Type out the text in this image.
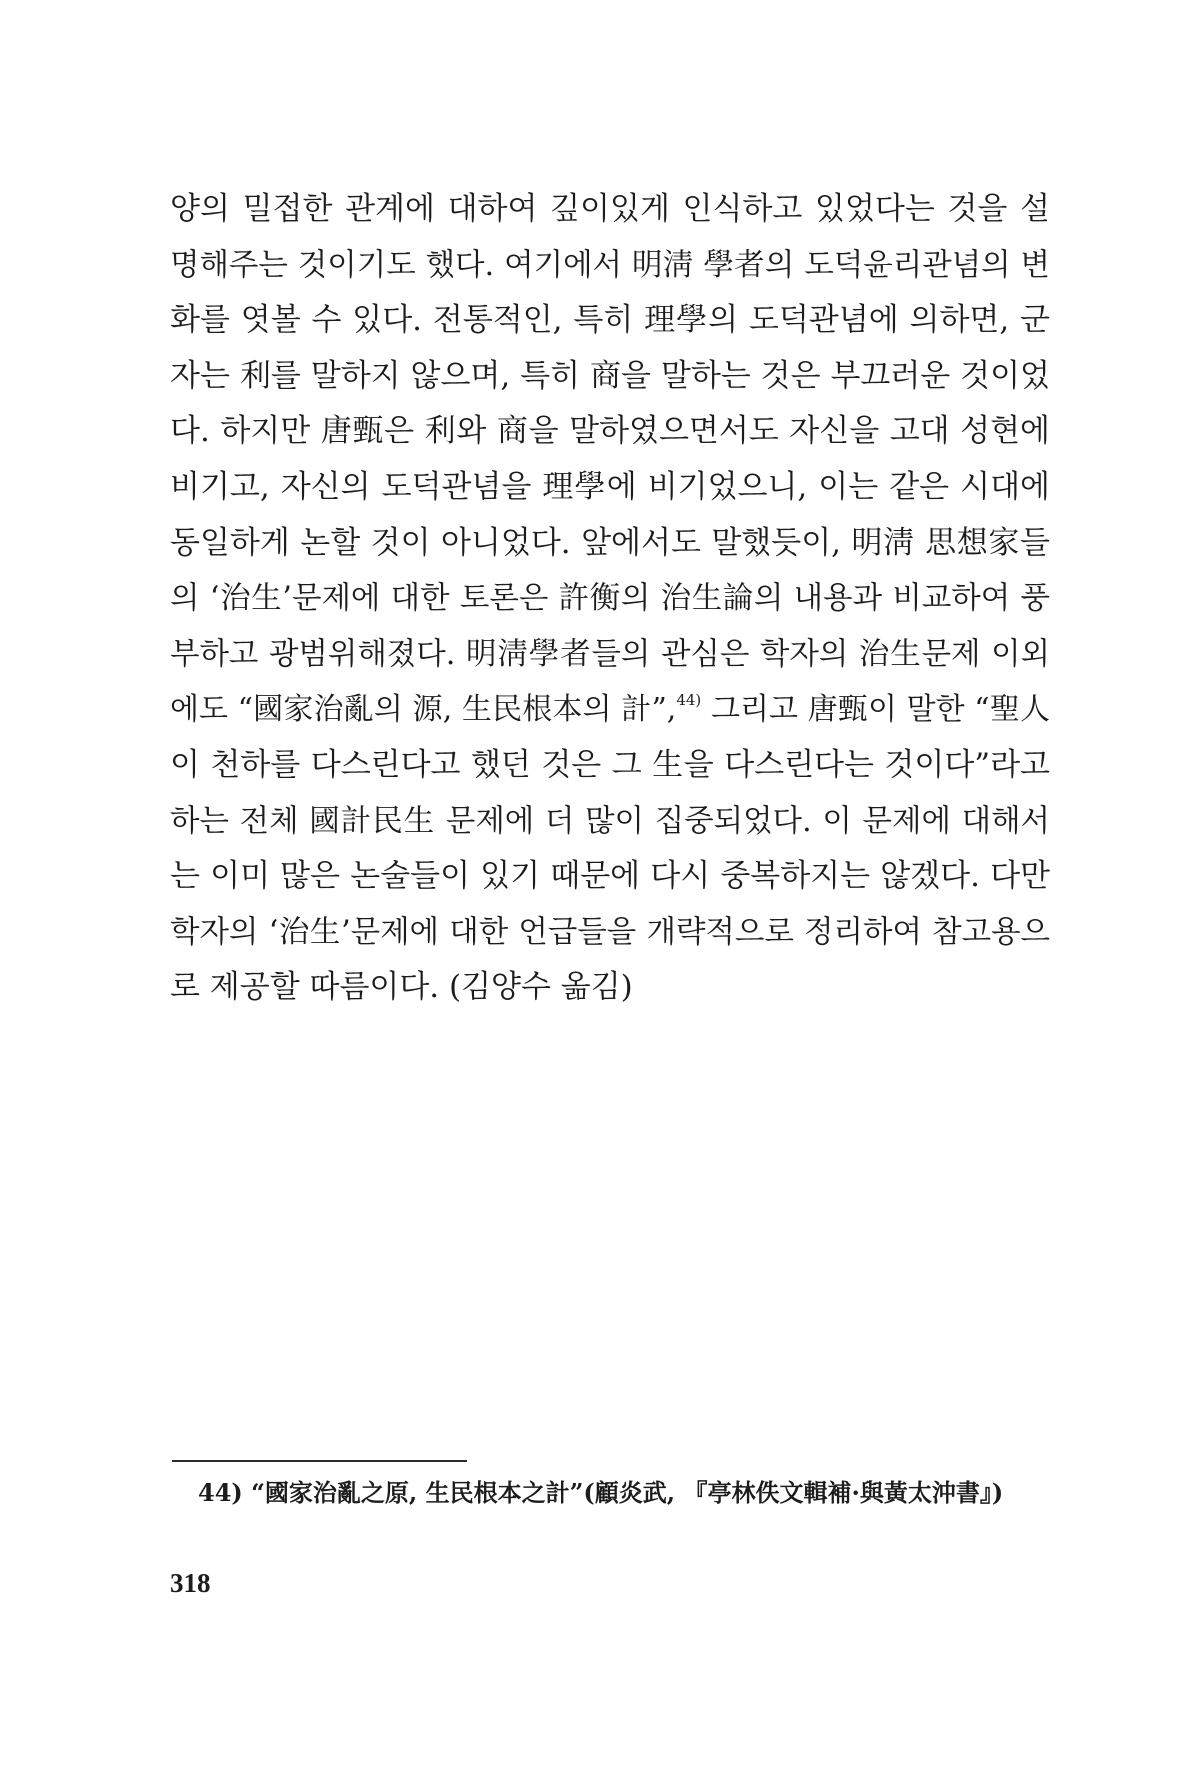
양의 밀접한 관계에 대하여 깊이있게 인식하고 있었다는 것을 설
명해주는 것이기도 했다. 여기에서 明淸 學者의 도덕윤리관념의 변
화를 엿볼 수 있다. 전통적인, 특히 理學의 도덕관념에 의하면, 군
자는 利를 말하지 않으며, 특히 商을 말하는 것은 부끄러운 것이었
다. 하지만 唐甄은 利와 商을 말하였으면서도 자신을 고대 성현에
비기고, 자신의 도덕관념을 理學에 비기었으니, 이는 같은 시대에
동일하게 논할 것이 아니었다. 앞에서도 말했듯이, 明淸 思想家들
의 ‘治生’문제에 대한 토론은 許衡의 治生論의 내용과 비교하여 풍
부하고 광범위해졌다. 明淸學者들의 관심은 학자의 治生문제 이외
에도 “國家治亂의 源, 生民根本의 計”,$^{44)}$ 그리고 唐甄이 말한 “聖人
이 천하를 다스린다고 했던 것은 그 生을 다스린다는 것이다”라고
하는 전체 國計民生 문제에 더 많이 집중되었다. 이 문제에 대해서
는 이미 많은 논술들이 있기 때문에 다시 중복하지는 않겠다. 다만
학자의 ‘治生’문제에 대한 언급들을 개략적으로 정리하여 참고용으
로 제공할 따름이다. (김양수 옮김)
44) “國家治亂之原, 生民根本之計”(顧炎武, 『亭林佚文輯補·與黃太沖書』)
318
